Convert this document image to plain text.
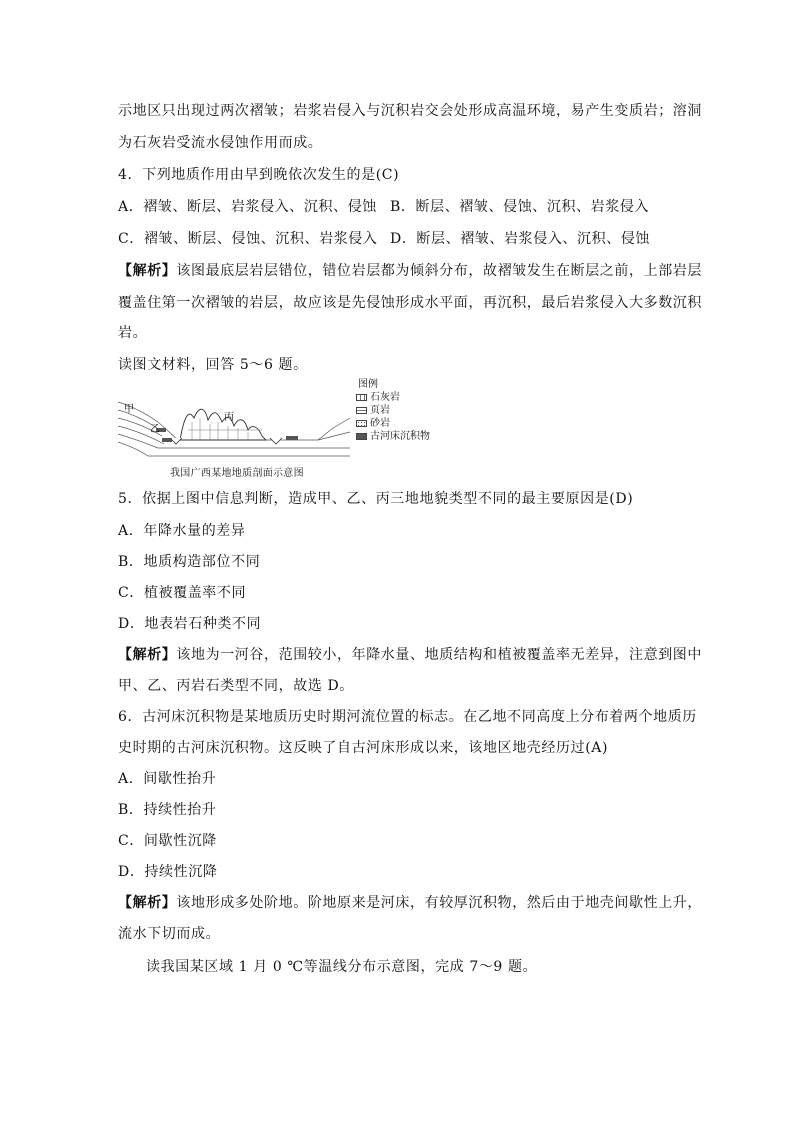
示地区只出现过两次褶皱；岩浆岩侵入与沉积岩交会处形成高温环境，易产生变质岩；溶洞
为石灰岩受流水侵蚀作用而成。
4．下列地质作用由早到晚依次发生的是(C)
A．褶皱、断层、岩浆侵入、沉积、侵蚀 B．断层、褶皱、侵蚀、沉积、岩浆侵入
C．褶皱、断层、侵蚀、沉积、岩浆侵入 D．断层、褶皱、岩浆侵入、沉积、侵蚀
【解析】该图最底层岩层错位，错位岩层都为倾斜分布，故褶皱发生在断层之前，上部岩层
覆盖住第一次褶皱的岩层，故应该是先侵蚀形成水平面，再沉积，最后岩浆侵入大多数沉积
岩。
读图文材料，回答 5～6 题。
甲
乙
丙
图例
石灰岩
页岩
砂岩
古河床沉积物
我国广西某地地质剖面示意图
5．依据上图中信息判断，造成甲、乙、丙三地地貌类型不同的最主要原因是(D)
A．年降水量的差异
B．地质构造部位不同
C．植被覆盖率不同
D．地表岩石种类不同
【解析】该地为一河谷，范围较小，年降水量、地质结构和植被覆盖率无差异，注意到图中
甲、乙、丙岩石类型不同，故选 D。
6．古河床沉积物是某地质历史时期河流位置的标志。在乙地不同高度上分布着两个地质历
史时期的古河床沉积物。这反映了自古河床形成以来，该地区地壳经历过(A)
A．间歇性抬升
B．持续性抬升
C．间歇性沉降
D．持续性沉降
【解析】该地形成多处阶地。阶地原来是河床，有较厚沉积物，然后由于地壳间歇性上升，
流水下切而成。
读我国某区域 1 月 0 ℃等温线分布示意图，完成 7～9 题。
